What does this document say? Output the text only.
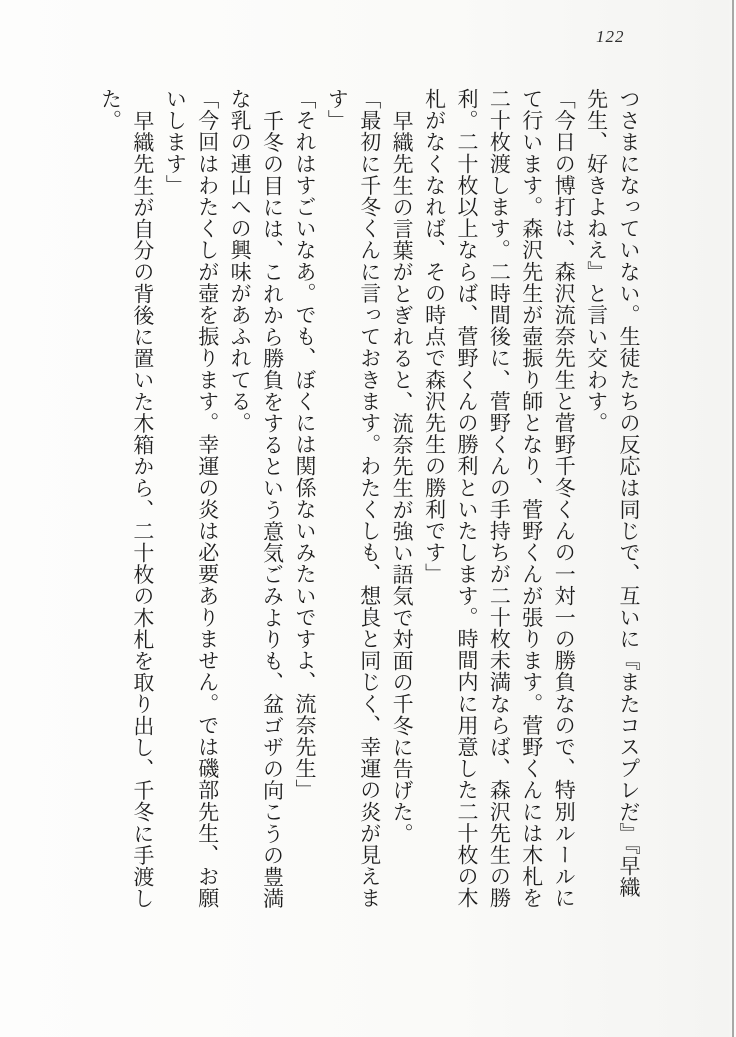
122

つさまになっていない。生徒たちの反応は同じで、互いに『またコスプレだ』『早織先生、好きよねえ』と言い交わす。

「今日の博打は、森沢流奈先生と菅野千冬くんの一対一の勝負なので、特別ルールにて行います。森沢先生が壺振り師となり、菅野くんが張ります。菅野くんには木札を二十枚渡します。二時間後に、菅野くんの手持ちが二十枚未満ならば、森沢先生の勝利。二十枚以上ならば、菅野くんの勝利といたします。時間内に用意した二十枚の木札がなくなれば、その時点で森沢先生の勝利です」

早織先生の言葉がとぎれると、流奈先生が強い語気で対面の千冬に告げた。

「最初に千冬くんに言っておきます。わたくしも、想良と同じく、幸運の炎が見えます」

「それはすごいなあ。でも、ぼくには関係ないみたいですよ、流奈先生」

千冬の目には、これから勝負をするという意気ごみよりも、盆ゴザの向こうの豊満な乳の連山への興味があふれてる。

「今回はわたくしが壺を振ります。幸運の炎は必要ありません。では磯部先生、お願いします」

早織先生が自分の背後に置いた木箱から、二十枚の木札を取り出し、千冬に手渡した。
